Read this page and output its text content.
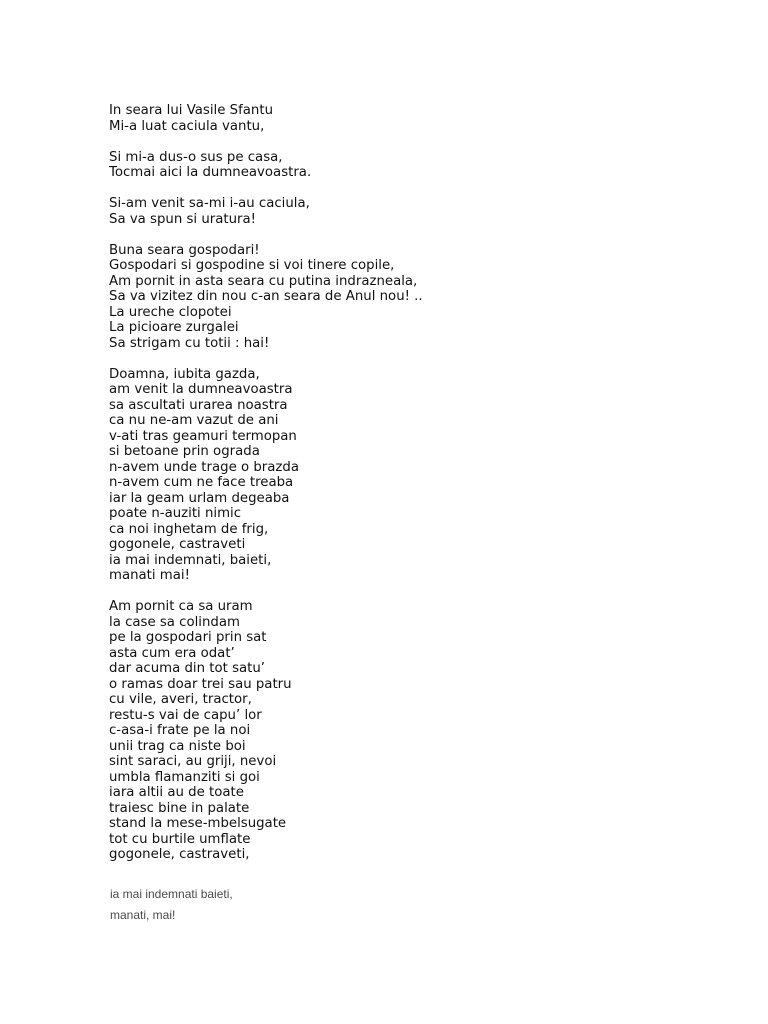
In seara lui Vasile Sfantu
Mi-a luat caciula vantu,
Si mi-a dus-o sus pe casa,
Tocmai aici la dumneavoastra.
Si-am venit sa-mi i-au caciula,
Sa va spun si uratura!
Buna seara gospodari!
Gospodari si gospodine si voi tinere copile,
Am pornit in asta seara cu putina indrazneala,
Sa va vizitez din nou c-an seara de Anul nou! ..
La ureche clopotei
La picioare zurgalei
Sa strigam cu totii : hai!
Doamna, iubita gazda,
am venit la dumneavoastra
sa ascultati urarea noastra
ca nu ne-am vazut de ani
v-ati tras geamuri termopan
si betoane prin ograda
n-avem unde trage o brazda
n-avem cum ne face treaba
iar la geam urlam degeaba
poate n-auziti nimic
ca noi inghetam de frig,
gogonele, castraveti
ia mai indemnati, baieti,
manati mai!
Am pornit ca sa uram
la case sa colindam
pe la gospodari prin sat
asta cum era odat’
dar acuma din tot satu’
o ramas doar trei sau patru
cu vile, averi, tractor,
restu-s vai de capu’ lor
c-asa-i frate pe la noi
unii trag ca niste boi
sint saraci, au griji, nevoi
umbla flamanziti si goi
iara altii au de toate
traiesc bine in palate
stand la mese-mbelsugate
tot cu burtile umflate
gogonele, castraveti,
ia mai indemnati baieti,
manati, mai!
